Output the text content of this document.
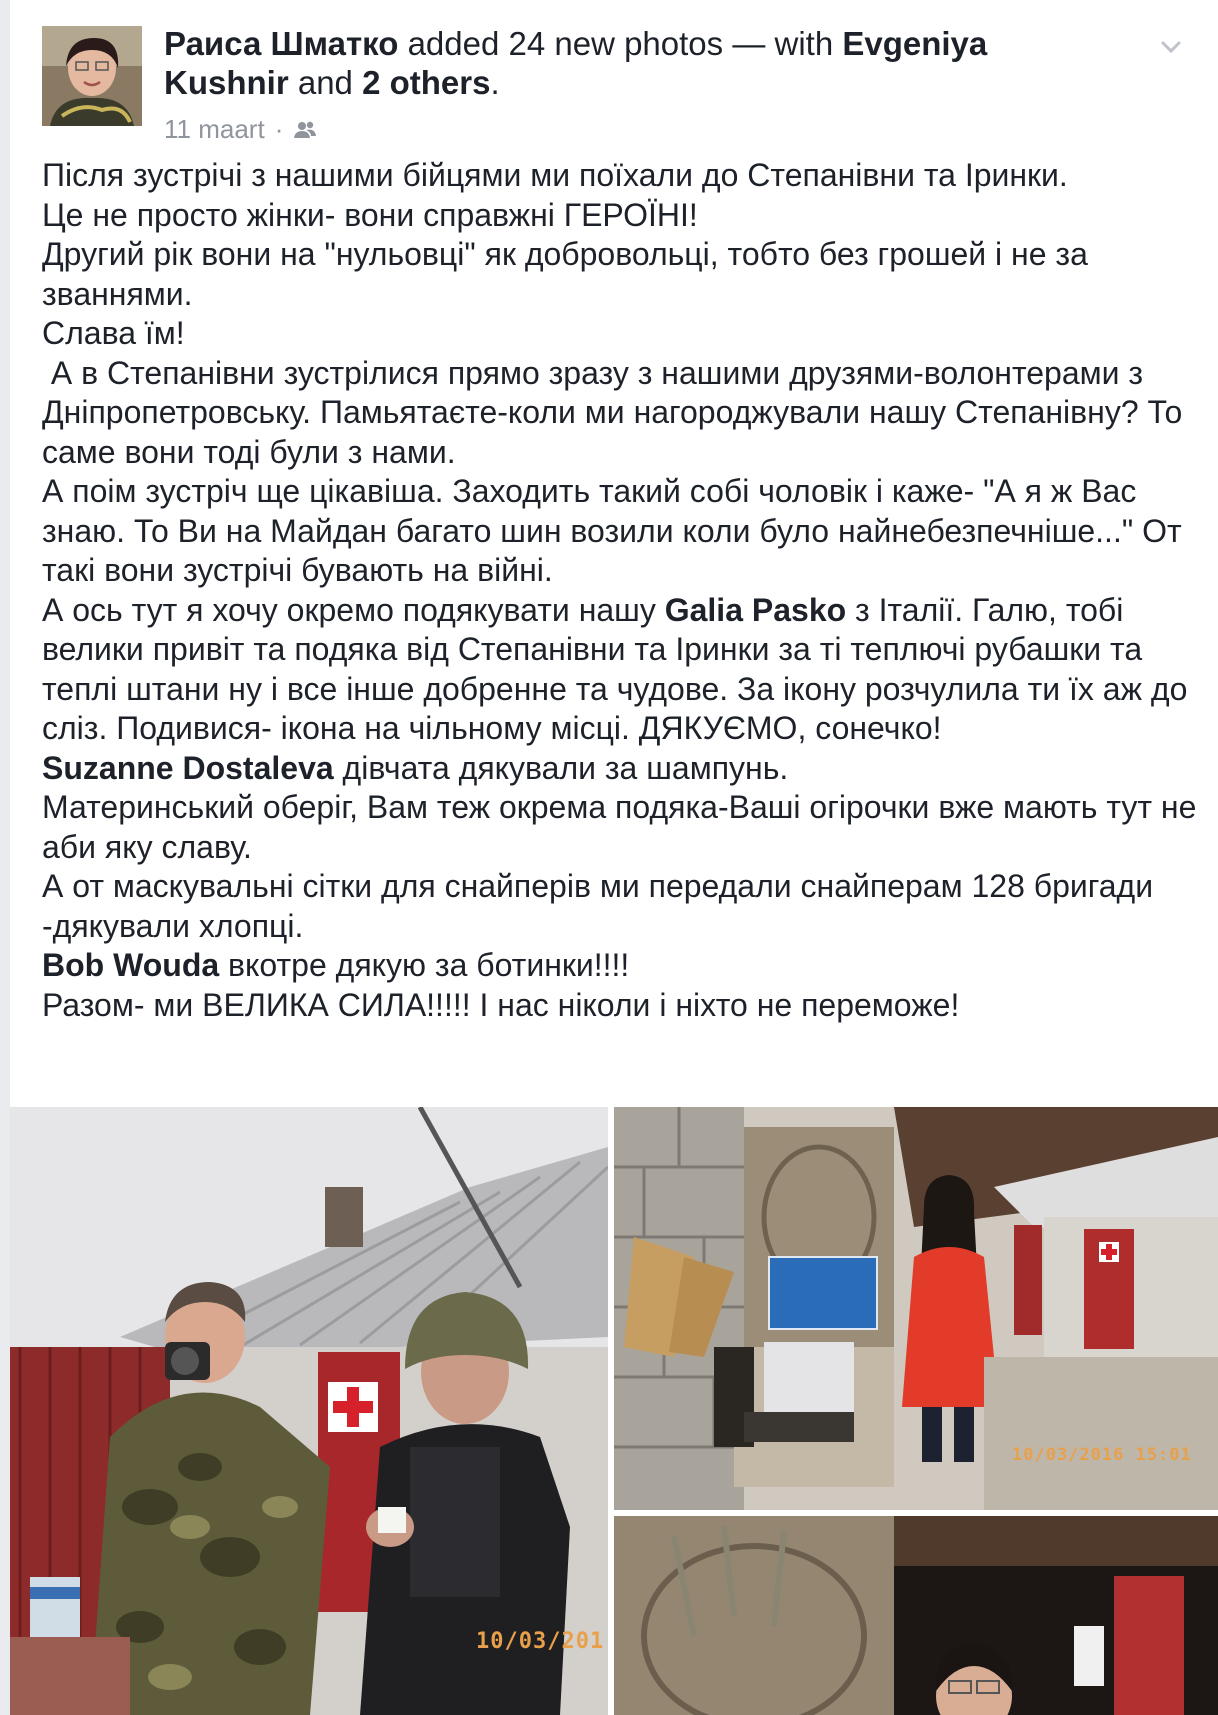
Раиса Шматко added 24 new photos — with Evgeniya Kushnir and 2 others.
11 maart ·

Після зустрічі з нашими бійцями ми поїхали до Степанівни та Іринки.

Це не просто жінки- вони справжні ГЕРОЇНІ!

Другий рік вони на "нульовці" як добровольці, тобто без грошей і не за званнями.

Слава їм!

А в Степанівни зустрілися прямо зразу з нашими друзями-волонтерами з Дніпропетровську. Памьятаєте-коли ми нагороджували нашу Степанівну? То саме вони тоді були з нами.

А поім зустріч ще цікавіша. Заходить такий собі чоловік і каже- "А я ж Вас знаю. То Ви на Майдан багато шин возили коли було найнебезпечніше..." От такі вони зустрічі бувають на війні.

А ось тут я хочу окремо подякувати нашу Galia Pasko з Італії. Галю, тобі велики привіт та подяка від Степанівни та Іринки за ті теплючі рубашки та теплі штани ну і все інше добренне та чудове. За ікону розчулила ти їх аж до сліз. Подивися- ікона на чільному місці. ДЯКУЄМО, сонечко!

Suzanne Dostaleva дівчата дякували за шампунь.

Материнський оберіг, Вам теж окрема подяка-Ваші огірочки вже мають тут не аби яку славу.

А от маскувальні сітки для снайперів ми передали снайперам 128 бригади -дякували хлопці.

Bob Wouda вкотре дякую за ботинки!!!!

Разом- ми ВЕЛИКА СИЛА!!!!! І нас ніколи і ніхто не переможе!

10/03/201
10/03/2016 15:01
